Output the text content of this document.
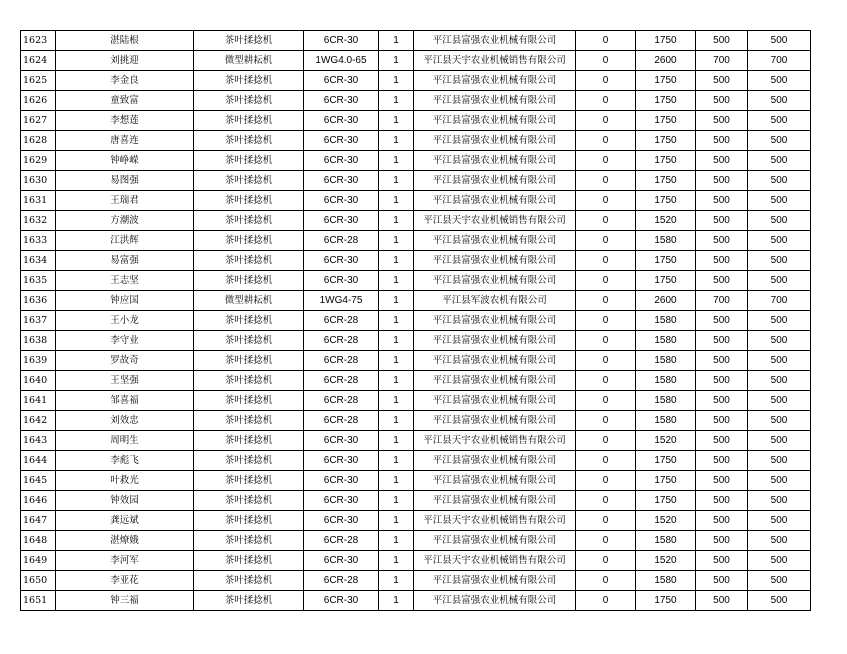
1623	湛陆根	茶叶揉捻机	6CR-30	1	平江县富强农业机械有限公司	0	1750	500	500
1624	刘挑迎	微型耕耘机	1WG4.0-65	1	平江县天宇农业机械销售有限公司	0	2600	700	700
1625	李金良	茶叶揉捻机	6CR-30	1	平江县富强农业机械有限公司	0	1750	500	500
1626	童致富	茶叶揉捻机	6CR-30	1	平江县富强农业机械有限公司	0	1750	500	500
1627	李想莲	茶叶揉捻机	6CR-30	1	平江县富强农业机械有限公司	0	1750	500	500
1628	唐喜连	茶叶揉捻机	6CR-30	1	平江县富强农业机械有限公司	0	1750	500	500
1629	钟峥嵘	茶叶揉捻机	6CR-30	1	平江县富强农业机械有限公司	0	1750	500	500
1630	易图强	茶叶揉捻机	6CR-30	1	平江县富强农业机械有限公司	0	1750	500	500
1631	王瑞君	茶叶揉捻机	6CR-30	1	平江县富强农业机械有限公司	0	1750	500	500
1632	方潮波	茶叶揉捻机	6CR-30	1	平江县天宇农业机械销售有限公司	0	1520	500	500
1633	江洪辉	茶叶揉捻机	6CR-28	1	平江县富强农业机械有限公司	0	1580	500	500
1634	易富强	茶叶揉捻机	6CR-30	1	平江县富强农业机械有限公司	0	1750	500	500
1635	王志坚	茶叶揉捻机	6CR-30	1	平江县富强农业机械有限公司	0	1750	500	500
1636	钟应国	微型耕耘机	1WG4-75	1	平江县军波农机有限公司	0	2600	700	700
1637	王小龙	茶叶揉捻机	6CR-28	1	平江县富强农业机械有限公司	0	1580	500	500
1638	李守业	茶叶揉捻机	6CR-28	1	平江县富强农业机械有限公司	0	1580	500	500
1639	罗故奇	茶叶揉捻机	6CR-28	1	平江县富强农业机械有限公司	0	1580	500	500
1640	王坚强	茶叶揉捻机	6CR-28	1	平江县富强农业机械有限公司	0	1580	500	500
1641	邹喜福	茶叶揉捻机	6CR-28	1	平江县富强农业机械有限公司	0	1580	500	500
1642	刘效忠	茶叶揉捻机	6CR-28	1	平江县富强农业机械有限公司	0	1580	500	500
1643	周明生	茶叶揉捻机	6CR-30	1	平江县天宇农业机械销售有限公司	0	1520	500	500
1644	李彪飞	茶叶揉捻机	6CR-30	1	平江县富强农业机械有限公司	0	1750	500	500
1645	叶救光	茶叶揉捻机	6CR-30	1	平江县富强农业机械有限公司	0	1750	500	500
1646	钟效园	茶叶揉捻机	6CR-30	1	平江县富强农业机械有限公司	0	1750	500	500
1647	龚远斌	茶叶揉捻机	6CR-30	1	平江县天宇农业机械销售有限公司	0	1520	500	500
1648	湛燎娥	茶叶揉捻机	6CR-28	1	平江县富强农业机械有限公司	0	1580	500	500
1649	李河军	茶叶揉捻机	6CR-30	1	平江县天宇农业机械销售有限公司	0	1520	500	500
1650	李亚花	茶叶揉捻机	6CR-28	1	平江县富强农业机械有限公司	0	1580	500	500
1651	钟三福	茶叶揉捻机	6CR-30	1	平江县富强农业机械有限公司	0	1750	500	500
